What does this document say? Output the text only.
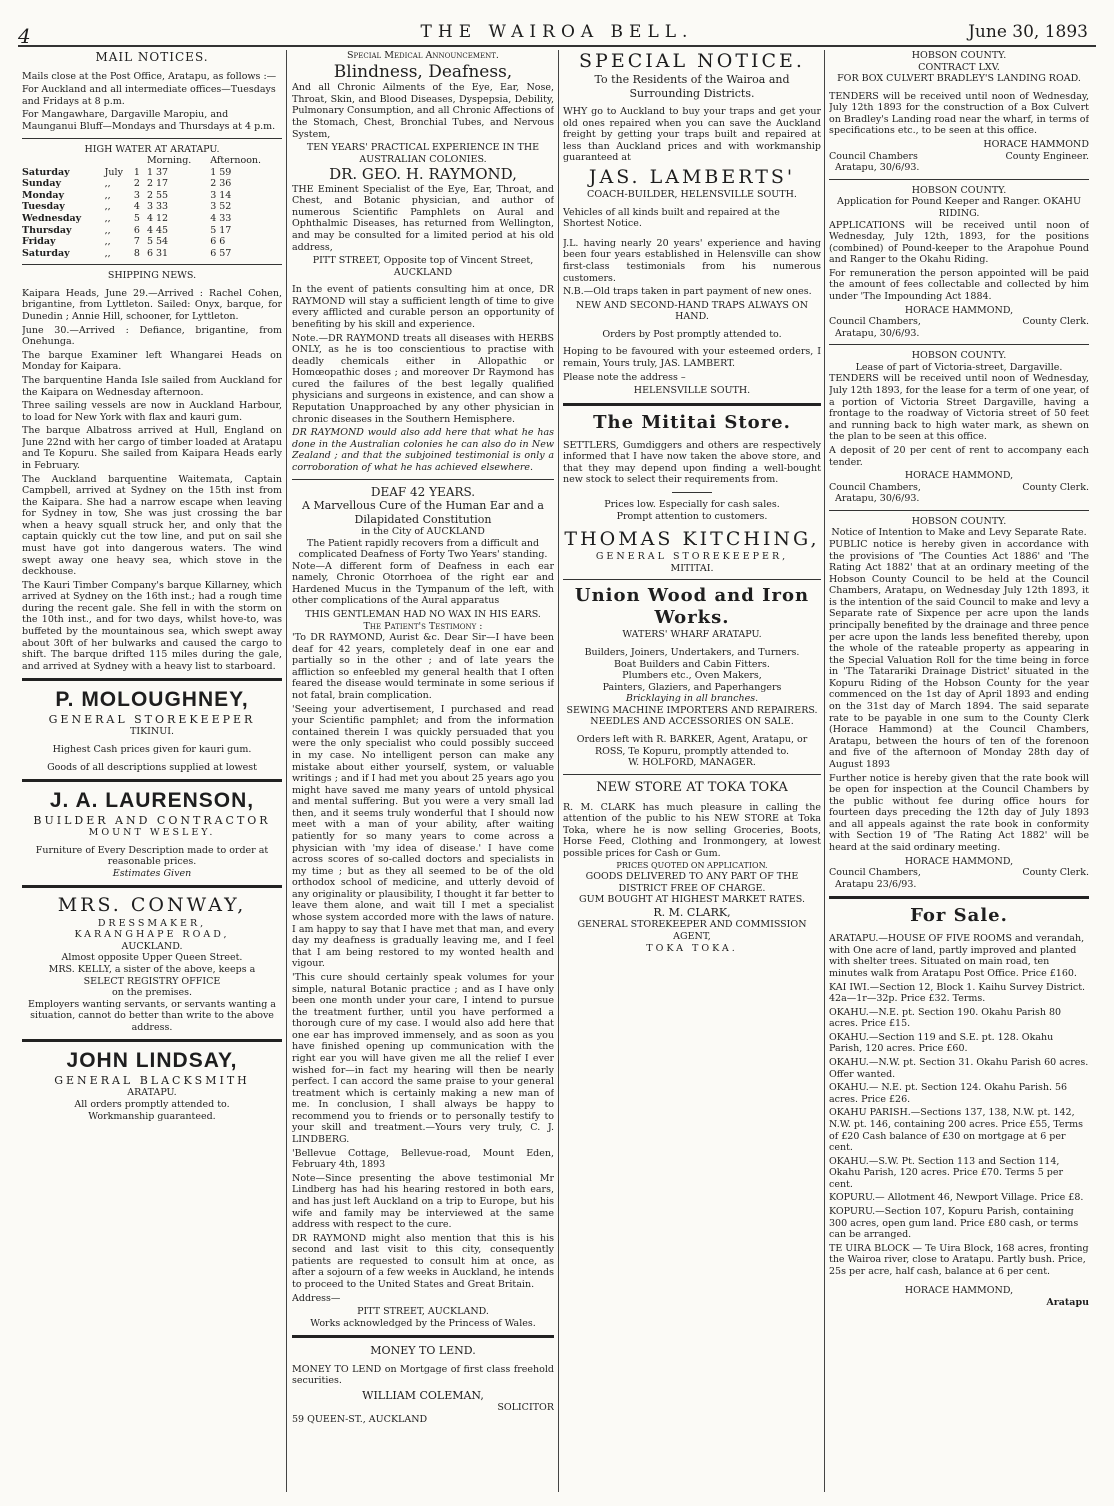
4	THE WAIROA BELL.	June 30, 1893
MAIL NOTICES.

Mails close at the Post Office, Aratapu, as follows :—

For Auckland and all intermediate offices—Tuesdays and Fridays at 8 p.m.

For Mangawhare, Dargaville Maropiu, and Maunganui Bluff—Mondays and Thursdays at 4 p.m.

HIGH WATER AT ARATAPU.
			Morning.	Afternoon.
Saturday	July	1	1 37	1 59
Sunday	,,	2	2 17	2 36
Monday	,,	3	2 55	3 14
Tuesday	,,	4	3 33	3 52
Wednesday	,,	5	4 12	4 33
Thursday	,,	6	4 45	5 17
Friday	,,	7	5 54	6 6
Saturday	,,	8	6 31	6 57
SHIPPING NEWS.

Kaipara Heads, June 29.—Arrived : Rachel Cohen, brigantine, from Lyttleton. Sailed: Onyx, barque, for Dunedin ; Annie Hill, schooner, for Lyttleton.

June 30.—Arrived : Defiance, brigantine, from Onehunga.

The barque Examiner left Whangarei Heads on Monday for Kaipara.

The barquentine Handa Isle sailed from Auckland for the Kaipara on Wednesday afternoon.

Three sailing vessels are now in Auckland Harbour, to load for New York with flax and kauri gum.

The barque Albatross arrived at Hull, England on June 22nd with her cargo of timber loaded at Aratapu and Te Kopuru. She sailed from Kaipara Heads early in February.

The Auckland barquentine Waitemata, Captain Campbell, arrived at Sydney on the 15th inst from the Kaipara. She had a narrow escape when leaving for Sydney in tow, She was just crossing the bar when a heavy squall struck her, and only that the captain quickly cut the tow line, and put on sail she must have got into dangerous waters. The wind swept away one heavy sea, which stove in the deckhouse.

The Kauri Timber Company's barque Killarney, which arrived at Sydney on the 16th inst.; had a rough time during the recent gale. She fell in with the storm on the 10th inst., and for two days, whilst hove-to, was buffeted by the mountainous sea, which swept away about 30ft of her bulwarks and caused the cargo to shift. The barque drifted 115 miles during the gale, and arrived at Sydney with a heavy list to starboard.

P. MOLOUGHNEY,
GENERAL STOREKEEPER
TIKINUI.
Highest Cash prices given for kauri gum.
Goods of all descriptions supplied at lowest
J. A. LAURENSON,
BUILDER AND CONTRACTOR
MOUNT WESLEY.
Furniture of Every Description made to order at reasonable prices.
Estimates Given
MRS. CONWAY,
DRESSMAKER,
KARANGHAPE ROAD,
AUCKLAND.
Almost opposite Upper Queen Street.
MRS. KELLY, a sister of the above, keeps a
SELECT REGISTRY OFFICE
on the premises.
Employers wanting servants, or servants wanting a situation, cannot do better than write to the above address.
JOHN LINDSAY,
GENERAL BLACKSMITH
ARATAPU.
All orders promptly attended to.
Workmanship guaranteed.
Special Medical Announcement.
Blindness, Deafness,

And all Chronic Ailments of the Eye, Ear, Nose, Throat, Skin, and Blood Diseases, Dyspepsia, Debility, Pulmonary Consumption, and all Chronic Affections of the Stomach, Chest, Bronchial Tubes, and Nervous System,

TEN YEARS' PRACTICAL EXPERIENCE IN THE AUSTRALIAN COLONIES.
DR. GEO. H. RAYMOND,

THE Eminent Specialist of the Eye, Ear, Throat, and Chest, and Botanic physician, and author of numerous Scientific Pamphlets on Aural and Ophthalmic Diseases, has returned from Wellington, and may be consulted for a limited period at his old address,

PITT STREET, Opposite top of Vincent Street, AUCKLAND

In the event of patients consulting him at once, DR RAYMOND will stay a sufficient length of time to give every afflicted and curable person an opportunity of benefiting by his skill and experience.

Note.—DR RAYMOND treats all diseases with HERBS ONLY, as he is too conscientious to practise with deadly chemicals either in Allopathic or Homœopathic doses ; and moreover Dr Raymond has cured the failures of the best legally qualified physicians and surgeons in existence, and can show a Reputation Unapproached by any other physician in chronic diseases in the Southern Hemisphere.

DR RAYMOND would also add here that what he has done in the Australian colonies he can also do in New Zealand ; and that the subjoined testimonial is only a corroboration of what he has achieved elsewhere.

DEAF 42 YEARS.
A Marvellous Cure of the Human Ear and a Dilapidated Constitution
in the City of AUCKLAND
The Patient rapidly recovers from a difficult and complicated Deafness of Forty Two Years' standing.

Note—A different form of Deafness in each ear namely, Chronic Otorrhoea of the right ear and Hardened Mucus in the Tympanum of the left, with other complications of the Aural apparatus

THIS GENTLEMAN HAD NO WAX IN HIS EARS.
The Patient's Testimony :

'To DR RAYMOND, Aurist &c. Dear Sir—I have been deaf for 42 years, completely deaf in one ear and partially so in the other ; and of late years the affliction so enfeebled my general health that I often feared the disease would terminate in some serious if not fatal, brain complication.

'Seeing your advertisement, I purchased and read your Scientific pamphlet; and from the information contained therein I was quickly persuaded that you were the only specialist who could possibly succeed in my case. No intelligent person can make any mistake about either yourself, system, or valuable writings ; and if I had met you about 25 years ago you might have saved me many years of untold physical and mental suffering. But you were a very small lad then, and it seems truly wonderful that I should now meet with a man of your ability, after waiting patiently for so many years to come across a physician with 'my idea of disease.' I have come across scores of so-called doctors and specialists in my time ; but as they all seemed to be of the old orthodox school of medicine, and utterly devoid of any originality or plausibility, I thought it far better to leave them alone, and wait till I met a specialist whose system accorded more with the laws of nature. I am happy to say that I have met that man, and every day my deafness is gradually leaving me, and I feel that I am being restored to my wonted health and vigour.

'This cure should certainly speak volumes for your simple, natural Botanic practice ; and as I have only been one month under your care, I intend to pursue the treatment further, until you have performed a thorough cure of my case. I would also add here that one ear has improved immensely, and as soon as you have finished opening up communication with the right ear you will have given me all the relief I ever wished for—in fact my hearing will then be nearly perfect. I can accord the same praise to your general treatment which is certainly making a new man of me. In conclusion, I shall always be happy to recommend you to friends or to personally testify to your skill and treatment.—Yours very truly, C. J. LINDBERG.

'Bellevue Cottage, Bellevue-road, Mount Eden, February 4th, 1893

Note—Since presenting the above testimonial Mr Lindberg has had his hearing restored in both ears, and has just left Auckland on a trip to Europe, but his wife and family may be interviewed at the same address with respect to the cure.

DR RAYMOND might also mention that this is his second and last visit to this city, consequently patients are requested to consult him at once, as after a sojourn of a few weeks in Auckland, he intends to proceed to the United States and Great Britain.

Address—

PITT STREET, AUCKLAND.
Works acknowledged by the Princess of Wales.
MONEY TO LEND.

MONEY TO LEND on Mortgage of first class freehold securities.

WILLIAM COLEMAN,
SOLICITOR
59 QUEEN-ST., AUCKLAND
SPECIAL NOTICE.
To the Residents of the Wairoa and Surrounding Districts.

WHY go to Auckland to buy your traps and get your old ones repaired when you can save the Auckland freight by getting your traps built and repaired at less than Auckland prices and with workmanship guaranteed at

JAS. LAMBERTS'
COACH-BUILDER, HELENSVILLE SOUTH.

Vehicles of all kinds built and repaired at the Shortest Notice.

J.L. having nearly 20 years' experience and having been four years established in Helensville can show first-class testimonials from his numerous customers.

N.B.—Old traps taken in part payment of new ones.

NEW AND SECOND-HAND TRAPS ALWAYS ON HAND.
Orders by Post promptly attended to.

Hoping to be favoured with your esteemed orders, I remain, Yours truly, JAS. LAMBERT.

Please note the address –

HELENSVILLE SOUTH.
The Mititai Store.

SETTLERS, Gumdiggers and others are respectively informed that I have now taken the above store, and that they may depend upon finding a well-bought new stock to select their requirements from.

Prices low. Especially for cash sales.
Prompt attention to customers.
THOMAS KITCHING,
GENERAL STOREKEEPER,
MITITAI.
Union Wood and Iron Works.
WATERS' WHARF ARATAPU.
Builders, Joiners, Undertakers, and Turners.
Boat Builders and Cabin Fitters.
Plumbers etc., Oven Makers,
Painters, Glaziers, and Paperhangers
Bricklaying in all branches.
SEWING MACHINE IMPORTERS AND REPAIRERS.
NEEDLES AND ACCESSORIES ON SALE.
Orders left with R. BARKER, Agent, Aratapu, or
ROSS, Te Kopuru, promptly attended to.
W. HOLFORD, MANAGER.
NEW STORE AT TOKA TOKA

R. M. CLARK has much pleasure in calling the attention of the public to his NEW STORE at Toka Toka, where he is now selling Groceries, Boots, Horse Feed, Clothing and Ironmongery, at lowest possible prices for Cash or Gum.

PRICES QUOTED ON APPLICATION.
GOODS DELIVERED TO ANY PART OF THE DISTRICT FREE OF CHARGE.
GUM BOUGHT AT HIGHEST MARKET RATES.
R. M. CLARK,
GENERAL STOREKEEPER AND COMMISSION AGENT,
TOKA TOKA.
HOBSON COUNTY.
CONTRACT LXV.
FOR BOX CULVERT BRADLEY'S LANDING ROAD.

TENDERS will be received until noon of Wednesday, July 12th 1893 for the construction of a Box Culvert on Bradley's Landing road near the wharf, in terms of specifications etc., to be seen at this office.

HORACE HAMMOND
Council Chambers	County Engineer.
Aratapu, 30/6/93.
HOBSON COUNTY.
Application for Pound Keeper and Ranger. OKAHU RIDING.

APPLICATIONS will be received until noon of Wednesday, July 12th, 1893, for the positions (combined) of Pound-keeper to the Arapohue Pound and Ranger to the Okahu Riding.

For remuneration the person appointed will be paid the amount of fees collectable and collected by him under 'The Impounding Act 1884.

HORACE HAMMOND,
Council Chambers,	County Clerk.
Aratapu, 30/6/93.
HOBSON COUNTY.
Lease of part of Victoria-street, Dargaville.

TENDERS will be received until noon of Wednesday, July 12th 1893, for the lease for a term of one year, of a portion of Victoria Street Dargaville, having a frontage to the roadway of Victoria street of 50 feet and running back to high water mark, as shewn on the plan to be seen at this office.

A deposit of 20 per cent of rent to accompany each tender.

HORACE HAMMOND,
Council Chambers,	County Clerk.
Aratapu, 30/6/93.
HOBSON COUNTY.
Notice of Intention to Make and Levy Separate Rate.

PUBLIC notice is hereby given in accordance with the provisions of 'The Counties Act 1886' and 'The Rating Act 1882' that at an ordinary meeting of the Hobson County Council to be held at the Council Chambers, Aratapu, on Wednesday July 12th 1893, it is the intention of the said Council to make and levy a Separate rate of Sixpence per acre upon the lands principally benefited by the drainage and three pence per acre upon the lands less benefited thereby, upon the whole of the rateable property as appearing in the Special Valuation Roll for the time being in force in 'The Tatarariki Drainage District' situated in the Kopuru Riding of the Hobson County for the year commenced on the 1st day of April 1893 and ending on the 31st day of March 1894. The said separate rate to be payable in one sum to the County Clerk (Horace Hammond) at the Council Chambers, Aratapu, between the hours of ten of the forenoon and five of the afternoon of Monday 28th day of August 1893

Further notice is hereby given that the rate book will be open for inspection at the Council Chambers by the public without fee during office hours for fourteen days preceding the 12th day of July 1893 and all appeals against the rate book in conformity with Section 19 of 'The Rating Act 1882' will be heard at the said ordinary meeting.

HORACE HAMMOND,
Council Chambers,	County Clerk.
Aratapu 23/6/93.
For Sale.

ARATAPU.—HOUSE OF FIVE ROOMS and verandah, with One acre of land, partly improved and planted with shelter trees. Situated on main road, ten minutes walk from Aratapu Post Office. Price £160.

KAI IWI.—Section 12, Block 1. Kaihu Survey District. 42a—1r—32p. Price £32. Terms.

OKAHU.—N.E. pt. Section 190. Okahu Parish 80 acres. Price £15.

OKAHU.—Section 119 and S.E. pt. 128. Okahu Parish, 120 acres. Price £60.

OKAHU.—N.W. pt. Section 31. Okahu Parish 60 acres. Offer wanted.

OKAHU.— N.E. pt. Section 124. Okahu Parish. 56 acres. Price £26.

OKAHU PARISH.—Sections 137, 138, N.W. pt. 142, N.W. pt. 146, containing 200 acres. Price £55, Terms of £20 Cash balance of £30 on mortgage at 6 per cent.

OKAHU.—S.W. Pt. Section 113 and Section 114, Okahu Parish, 120 acres. Price £70. Terms 5 per cent.

KOPURU.— Allotment 46, Newport Village. Price £8.

KOPURU.—Section 107, Kopuru Parish, containing 300 acres, open gum land. Price £80 cash, or terms can be arranged.

TE UIRA BLOCK — Te Uira Block, 168 acres, fronting the Wairoa river, close to Aratapu. Partly bush. Price, 25s per acre, half cash, balance at 6 per cent.

HORACE HAMMOND,
Aratapu
